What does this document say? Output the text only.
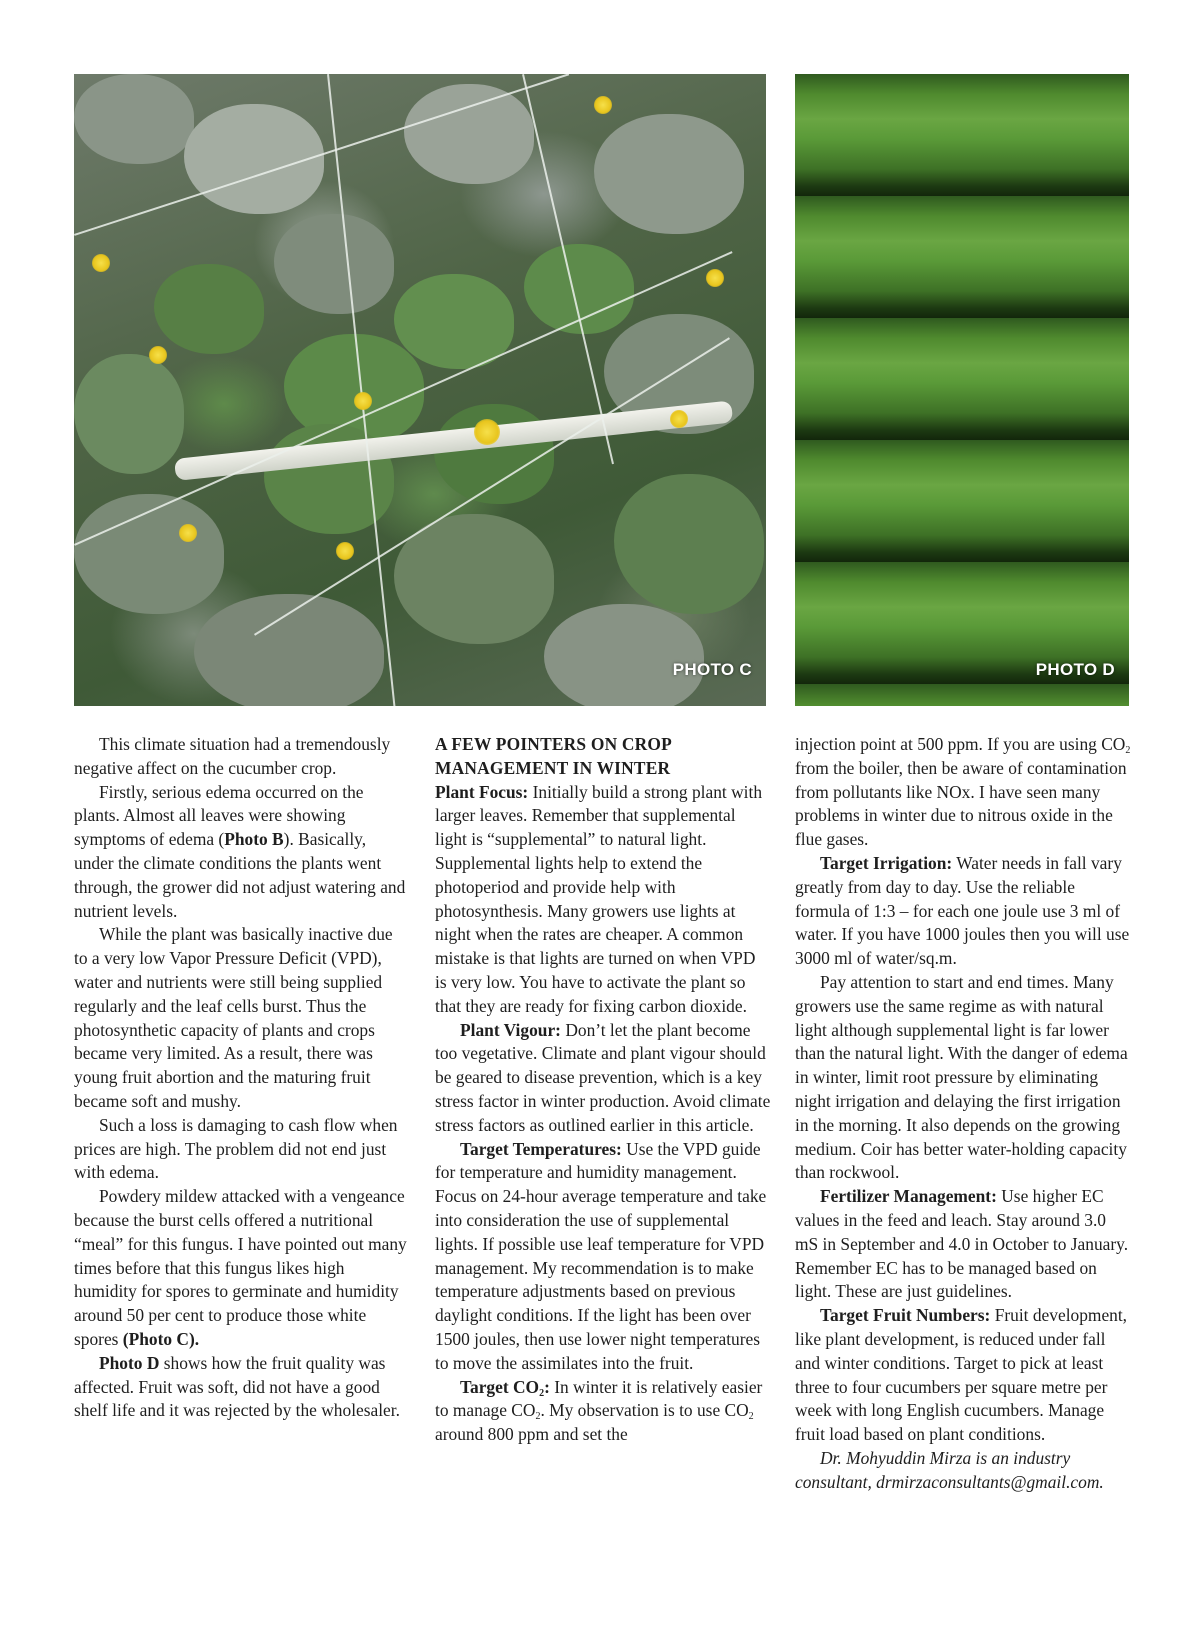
PHOTO C	PHOTO D

This climate situation had a tremendously negative affect on the cucumber crop.

Firstly, serious edema occurred on the plants. Almost all leaves were showing symptoms of edema (Photo B). Basically, under the climate conditions the plants went through, the grower did not adjust watering and nutrient levels.

While the plant was basically inactive due to a very low Vapor Pressure Deficit (VPD), water and nutrients were still being supplied regularly and the leaf cells burst. Thus the photosynthetic capacity of plants and crops became very limited. As a result, there was young fruit abortion and the maturing fruit became soft and mushy.

Such a loss is damaging to cash flow when prices are high. The problem did not end just with edema.

Powdery mildew attacked with a vengeance because the burst cells offered a nutritional “meal” for this fungus. I have pointed out many times before that this fungus likes high humidity for spores to germinate and humidity around 50 per cent to produce those white spores (Photo C).

Photo D shows how the fruit quality was affected. Fruit was soft, did not have a good shelf life and it was rejected by the wholesaler.

A FEW POINTERS ON CROP MANAGEMENT IN WINTER

Plant Focus: Initially build a strong plant with larger leaves. Remember that supplemental light is “supplemental” to natural light. Supplemental lights help to extend the photoperiod and provide help with photosynthesis. Many growers use lights at night when the rates are cheaper. A common mistake is that lights are turned on when VPD is very low. You have to activate the plant so that they are ready for fixing carbon dioxide.

Plant Vigour: Don’t let the plant become too vegetative. Climate and plant vigour should be geared to disease prevention, which is a key stress factor in winter production. Avoid climate stress factors as outlined earlier in this article.

Target Temperatures: Use the VPD guide for temperature and humidity management. Focus on 24-hour average temperature and take into consideration the use of supplemental lights. If possible use leaf temperature for VPD management. My recommendation is to make temperature adjustments based on previous daylight conditions. If the light has been over 1500 joules, then use lower night temperatures to move the assimilates into the fruit.

Target $CO_2$: In winter it is relatively easier to manage $CO_2$. My observation is to use $CO_2$ around 800 ppm and set the

injection point at 500 ppm. If you are using $CO_2$ from the boiler, then be aware of contamination from pollutants like NOx. I have seen many problems in winter due to nitrous oxide in the flue gases.

Target Irrigation: Water needs in fall vary greatly from day to day. Use the reliable formula of 1:3 – for each one joule use 3 ml of water. If you have 1000 joules then you will use 3000 ml of water/sq.m.

Pay attention to start and end times. Many growers use the same regime as with natural light although supplemental light is far lower than the natural light. With the danger of edema in winter, limit root pressure by eliminating night irrigation and delaying the first irrigation in the morning. It also depends on the growing medium. Coir has better water-holding capacity than rockwool.

Fertilizer Management: Use higher EC values in the feed and leach. Stay around 3.0 mS in September and 4.0 in October to January. Remember EC has to be managed based on light. These are just guidelines.

Target Fruit Numbers: Fruit development, like plant development, is reduced under fall and winter conditions. Target to pick at least three to four cucumbers per square metre per week with long English cucumbers. Manage fruit load based on plant conditions.

Dr. Mohyuddin Mirza is an industry consultant, drmirzaconsultants@gmail.com.
